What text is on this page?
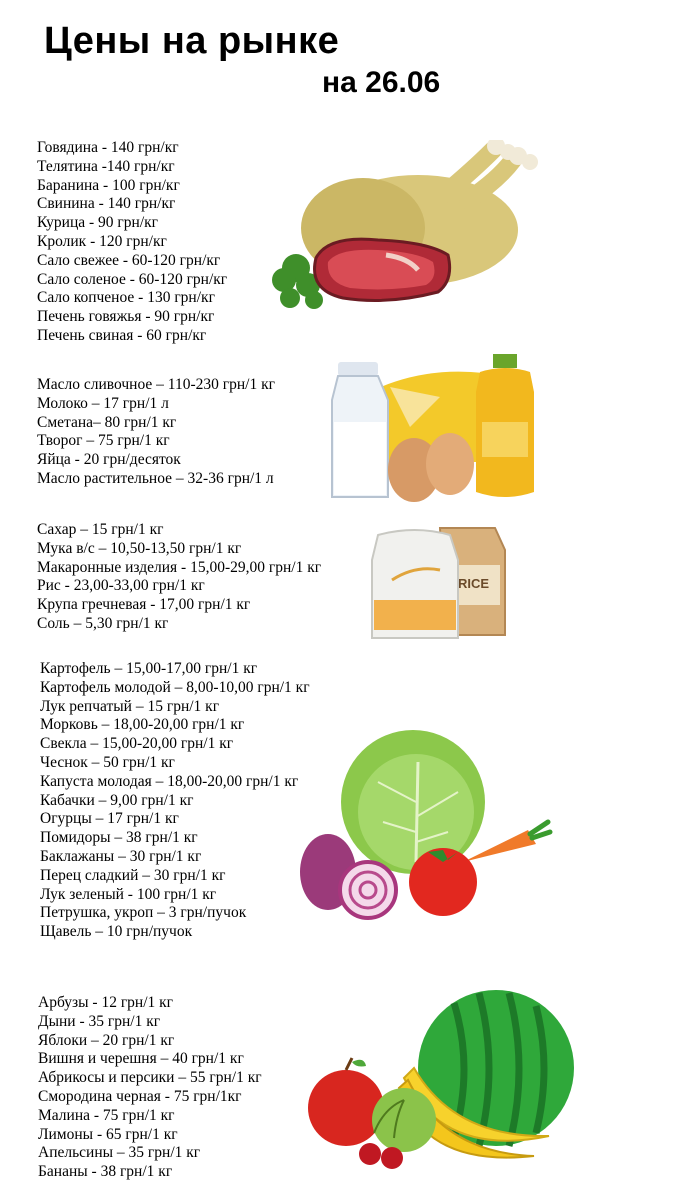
Цены на рынке
на 26.06
Говядина - 140 грн/кг
Телятина -140 грн/кг
Баранина - 100 грн/кг
Свинина - 140 грн/кг
Курица - 90 грн/кг
Кролик - 120 грн/кг
Сало свежее - 60-120 грн/кг
Сало соленое - 60-120 грн/кг
Сало копченое - 130 грн/кг
Печень говяжья - 90 грн/кг
Печень свиная - 60 грн/кг
Масло сливочное – 110-230 грн/1 кг
Молоко – 17 грн/1 л
Сметана– 80 грн/1 кг
Творог – 75 грн/1 кг
Яйца - 20 грн/десяток
Масло растительное – 32-36 грн/1 л
Сахар – 15 грн/1 кг
Мука в/с – 10,50-13,50 грн/1 кг
Макаронные изделия - 15,00-29,00 грн/1 кг
Рис - 23,00-33,00 грн/1 кг
Крупа гречневая - 17,00 грн/1 кг
Соль – 5,30 грн/1 кг
Картофель – 15,00-17,00 грн/1 кг
Картофель молодой – 8,00-10,00 грн/1 кг
Лук репчатый – 15 грн/1 кг
Морковь – 18,00-20,00 грн/1 кг
Свекла – 15,00-20,00 грн/1 кг
Чеснок – 50 грн/1 кг
Капуста молодая – 18,00-20,00 грн/1 кг
Кабачки – 9,00 грн/1 кг
Огурцы – 17 грн/1 кг
Помидоры – 38 грн/1 кг
Баклажаны – 30 грн/1 кг
Перец сладкий – 30 грн/1 кг
Лук зеленый - 100 грн/1 кг
Петрушка, укроп – 3 грн/пучок
Щавель – 10 грн/пучок
Арбузы - 12 грн/1 кг
Дыни - 35 грн/1 кг
Яблоки – 20 грн/1 кг
Вишня и черешня – 40 грн/1 кг
Абрикосы и персики – 55 грн/1 кг
Смородина черная - 75 грн/1кг
Малина - 75 грн/1 кг
Лимоны - 65 грн/1 кг
Апельсины – 35 грн/1 кг
Бананы - 38 грн/1 кг
RICE
